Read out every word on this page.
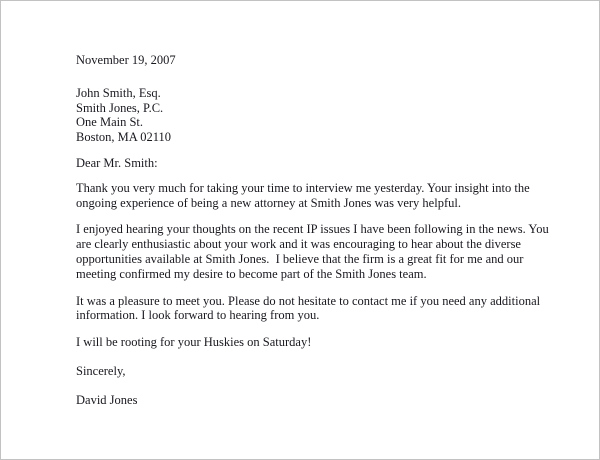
November 19, 2007

John Smith, Esq.
Smith Jones, P.C.
One Main St.
Boston, MA 02110

Dear Mr. Smith:

Thank you very much for taking your time to interview me yesterday. Your insight into the
ongoing experience of being a new attorney at Smith Jones was very helpful.

I enjoyed hearing your thoughts on the recent IP issues I have been following in the news. You
are clearly enthusiastic about your work and it was encouraging to hear about the diverse
opportunities available at Smith Jones.  I believe that the firm is a great fit for me and our
meeting confirmed my desire to become part of the Smith Jones team.

It was a pleasure to meet you. Please do not hesitate to contact me if you need any additional
information. I look forward to hearing from you.

I will be rooting for your Huskies on Saturday!

Sincerely,

David Jones
